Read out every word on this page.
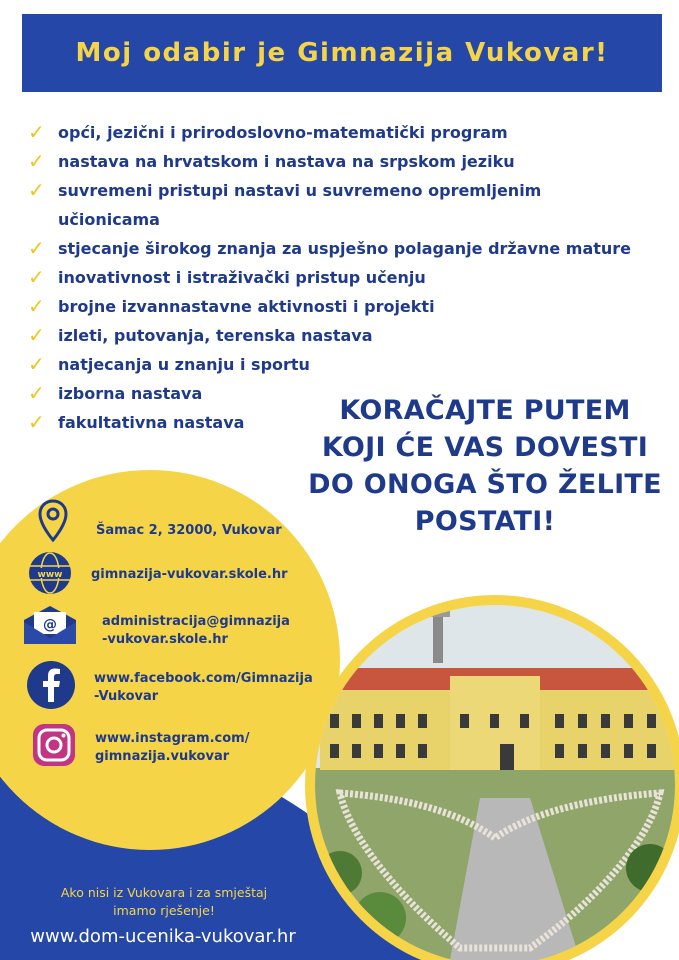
Moj odabir je Gimnazija Vukovar!
✓ opći, jezični i prirodoslovno-matematički program
✓ nastava na hrvatskom i nastava na srpskom jeziku
✓ suvremeni pristupi nastavi u suvremeno opremljenim
učionicama
✓ stjecanje širokog znanja za uspješno polaganje državne mature
✓ inovativnost i istraživački pristup učenju
✓ brojne izvannastavne aktivnosti i projekti
✓ izleti, putovanja, terenska nastava
✓ natjecanja u znanju i sportu
✓ izborna nastava
✓ fakultativna nastava	KORAČAJTE PUTEM
KOJI ĆE VAS DOVESTI
DO ONOGA ŠTO ŽELITE
POSTATI!
www
@
Šamac 2, 32000, Vukovar
gimnazija-vukovar.skole.hr
administracija@gimnazija
-vukovar.skole.hr
www.facebook.com/Gimnazija
-Vukovar
www.instagram.com/
gimnazija.vukovar
Ako nisi iz Vukovara i za smještaj
imamo rješenje!
www.dom-ucenika-vukovar.hr
